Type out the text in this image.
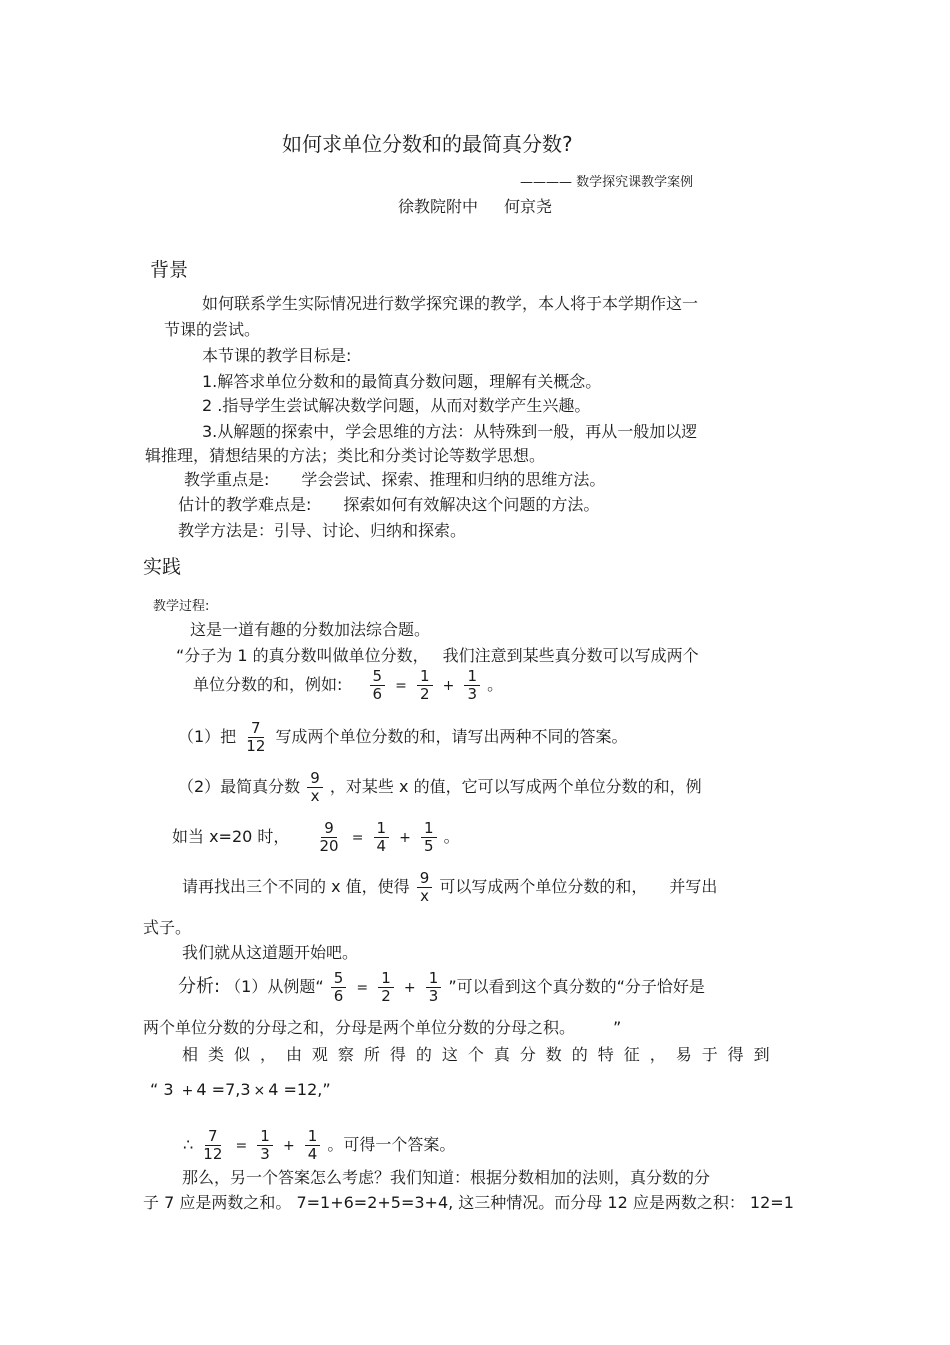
如何求单位分数和的最简真分数?
———— 数学探究课教学案例
徐教院附中 何京尧
背景
如何联系学生实际情况进行数学探究课的教学，本人将于本学期作这一
节课的尝试。
本节课的教学目标是:
1.解答求单位分数和的最简真分数问题，理解有关概念。
2 .指导学生尝试解决数学问题，从而对数学产生兴趣。
3.从解题的探索中，学会思维的方法：从特殊到一般，再从一般加以逻
辑推理，猜想结果的方法；类比和分类讨论等数学思想。
教学重点是: 学会尝试、探索、推理和归纳的思维方法。
估计的教学难点是: 探索如何有效解决这个问题的方法。
教学方法是：引导、讨论、归纳和探索。
实践
教学过程:
这是一道有趣的分数加法综合题。
“分子为 1 的真分数叫做单位分数， 我们注意到某些真分数可以写成两个
单位分数的和，例如: $\frac{5}{6} = \frac{1}{2} + \frac{1}{3}$ 。
（1）把 $\frac{7}{12}$ 写成两个单位分数的和，请写出两种不同的答案。
（2）最简真分数 $\frac{9}{x}$ ，对某些 x 的值，它可以写成两个单位分数的和，例
如当 x=20 时， $\frac{9}{20} = \frac{1}{4} + \frac{1}{5}$ 。
请再找出三个不同的 x 值，使得 $\frac{9}{x}$ 可以写成两个单位分数的和， 并写出
式子。
我们就从这道题开始吧。
分析: （1）从例题“ $\frac{5}{6} = \frac{1}{2} + \frac{1}{3}$ ”可以看到这个真分数的“分子恰好是
两个单位分数的分母之和，分母是两个单位分数的分母之积。 ”
相 类 似 ， 由 观 察 所 得 的 这 个 真 分 数 的 特 征 ， 易 于 得 到
“ 3 + 4 =7,3 × 4 =12,”
∴ $\frac{7}{12} = \frac{1}{3} + \frac{1}{4}$ 。可得一个答案。
那么，另一个答案怎么考虑？我们知道：根据分数相加的法则，真分数的分
子 7 应是两数之和。 7=1+6=2+5=3+4, 这三种情况。而分母 12 应是两数之积： 12=1
